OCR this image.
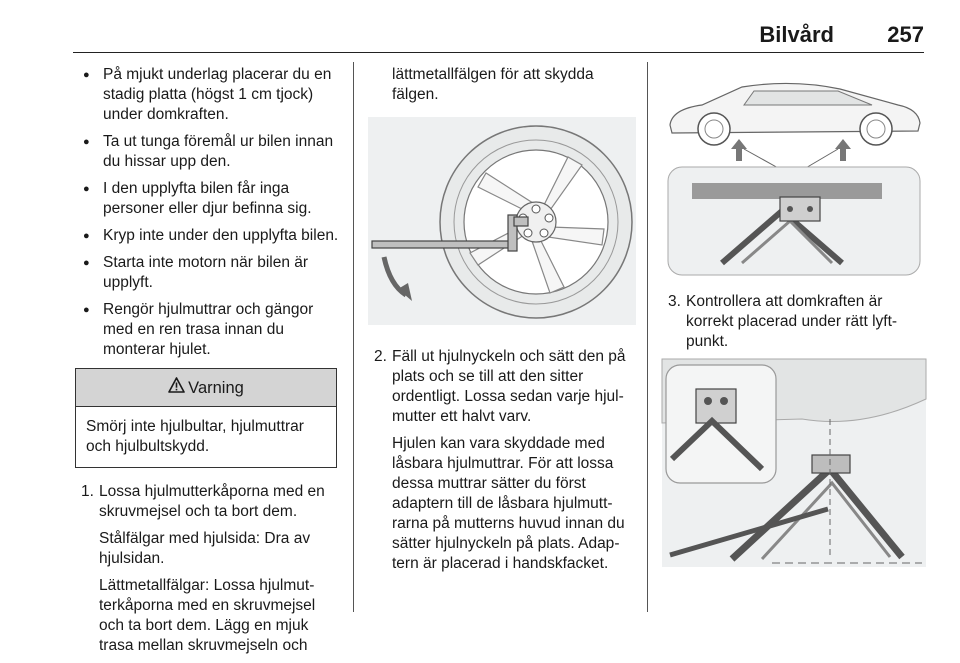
Bilvård 257
● På mjukt underlag placerar du en stadig platta (högst 1 cm tjock) under domkraften.
● Ta ut tunga föremål ur bilen innan du hissar upp den.
● I den upplyfta bilen får inga personer eller djur befinna sig.
● Kryp inte under den upplyfta bilen.
● Starta inte motorn när bilen är upplyft.
● Rengör hjulmuttrar och gängor med en ren trasa innan du monterar hjulet.
Varning
Smörj inte hjulbultar, hjulmuttrar och hjulbultskydd.
1. Lossa hjulmutterkåporna med en skruvmejsel och ta bort dem.

Stålfälgar med hjulsida: Dra av hjulsidan.

Lättmetallfälgar: Lossa hjulmutterkåporna med en skruvmejsel och ta bort dem. Lägg en mjuk trasa mellan skruvmejseln och

lättmetallfälgen för att skydda fälgen.

2. Fäll ut hjulnyckeln och sätt den på plats och se till att den sitter ordentligt. Lossa sedan varje hjulmutter ett halvt varv.

Hjulen kan vara skyddade med låsbara hjulmuttrar. För att lossa dessa muttrar sätter du först adaptern till de låsbara hjulmuttrarna på mutterns huvud innan du sätter hjulnyckeln på plats. Adaptern är placerad i handskfacket.

3. Kontrollera att domkraften är korrekt placerad under rätt lyftpunkt.
